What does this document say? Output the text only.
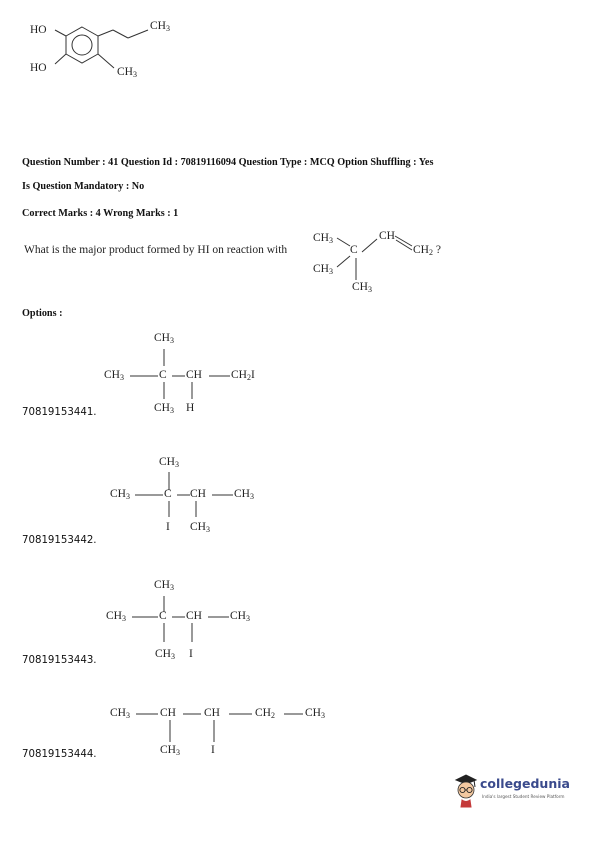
HO
HO
$CH_3$
$CH_3$
Question Number : 41 Question Id : 70819116094 Question Type : MCQ Option Shuffling : Yes
Is Question Mandatory : No
Correct Marks : 4 Wrong Marks : 1
What is the major product formed by HI on reaction with
$CH_3$
$CH_3$
C
CH
$CH_2$ ?
$CH_3$
Options :
$CH_3$
$CH_3$	C CH	$CH_2I$
$CH_3$ H
70819153441.
$CH_3$
$CH_3$	C CH $CH_3$
I $CH_3$
70819153442.
$CH_3$
$CH_3$	C CH $CH_3$
$CH_3$ I
70819153443.
$CH_3$	CH CH	$CH_2$	$CH_3$
$CH_3$	I
70819153444.
collegedunia
India's largest Student Review Platform
